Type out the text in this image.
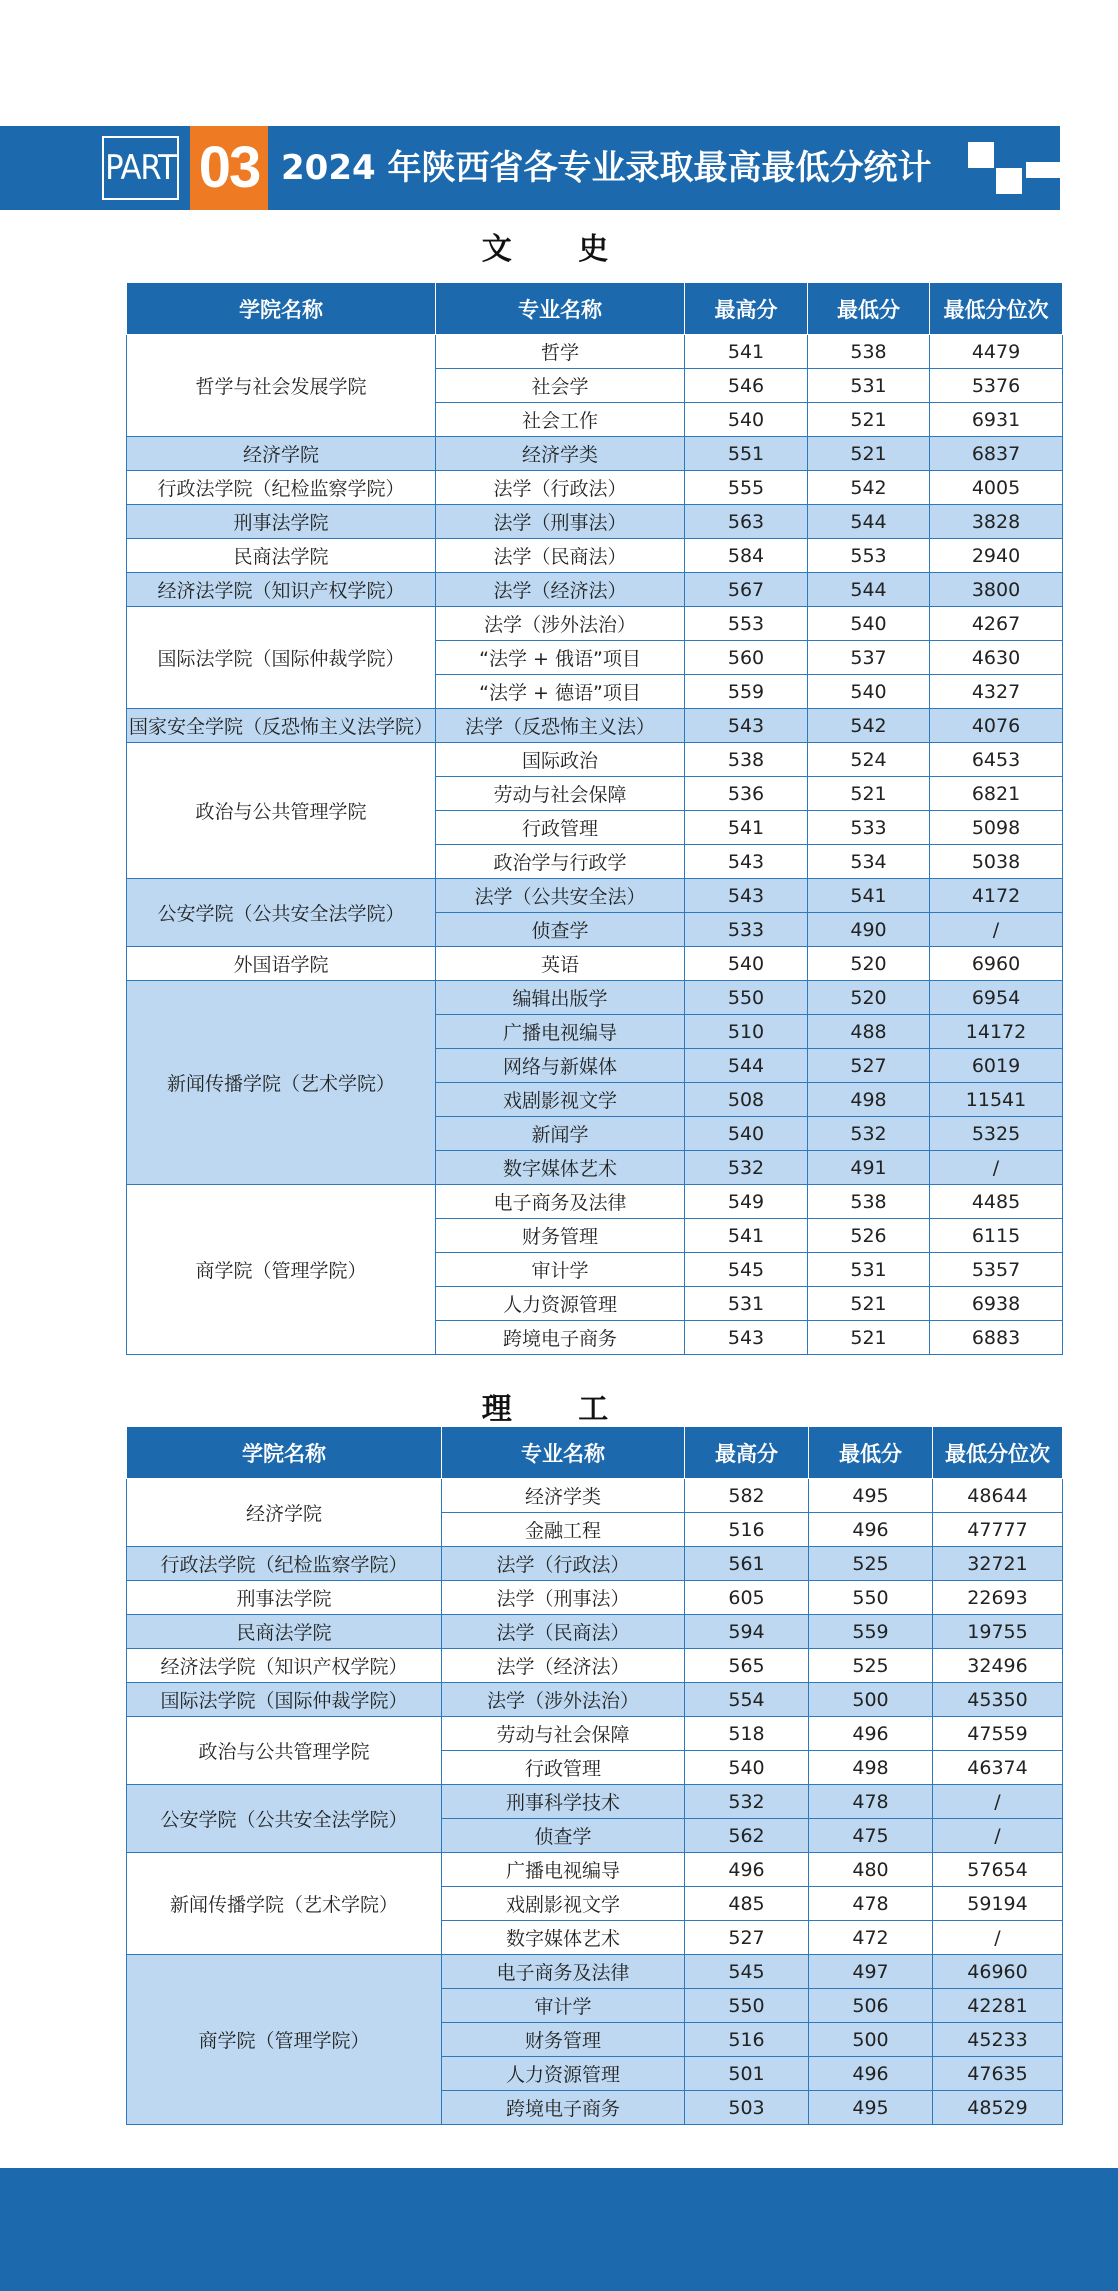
PART 03 2024 年陕西省各专业录取最高最低分统计
文 史
学院名称	专业名称	最高分	最低分	最低分位次
哲学与社会发展学院	哲学	541	538	4479
	社会学	546	531	5376
	社会工作	540	521	6931
经济学院	经济学类	551	521	6837
行政法学院（纪检监察学院）	法学（行政法）	555	542	4005
刑事法学院	法学（刑事法）	563	544	3828
民商法学院	法学（民商法）	584	553	2940
经济法学院（知识产权学院）	法学（经济法）	567	544	3800
国际法学院（国际仲裁学院）	法学（涉外法治）	553	540	4267
	“法学 + 俄语”项目	560	537	4630
	“法学 + 德语”项目	559	540	4327
国家安全学院（反恐怖主义法学院）	法学（反恐怖主义法）	543	542	4076
政治与公共管理学院	国际政治	538	524	6453
	劳动与社会保障	536	521	6821
	行政管理	541	533	5098
	政治学与行政学	543	534	5038
公安学院（公共安全法学院）	法学（公共安全法）	543	541	4172
	侦查学	533	490	/
外国语学院	英语	540	520	6960
新闻传播学院（艺术学院）	编辑出版学	550	520	6954
	广播电视编导	510	488	14172
	网络与新媒体	544	527	6019
	戏剧影视文学	508	498	11541
	新闻学	540	532	5325
	数字媒体艺术	532	491	/
商学院（管理学院）	电子商务及法律	549	538	4485
	财务管理	541	526	6115
	审计学	545	531	5357
	人力资源管理	531	521	6938
	跨境电子商务	543	521	6883
理 工
学院名称	专业名称	最高分	最低分	最低分位次
经济学院	经济学类	582	495	48644
	金融工程	516	496	47777
行政法学院（纪检监察学院）	法学（行政法）	561	525	32721
刑事法学院	法学（刑事法）	605	550	22693
民商法学院	法学（民商法）	594	559	19755
经济法学院（知识产权学院）	法学（经济法）	565	525	32496
国际法学院（国际仲裁学院）	法学（涉外法治）	554	500	45350
政治与公共管理学院	劳动与社会保障	518	496	47559
	行政管理	540	498	46374
公安学院（公共安全法学院）	刑事科学技术	532	478	/
	侦查学	562	475	/
新闻传播学院（艺术学院）	广播电视编导	496	480	57654
	戏剧影视文学	485	478	59194
	数字媒体艺术	527	472	/
商学院（管理学院）	电子商务及法律	545	497	46960
	审计学	550	506	42281
	财务管理	516	500	45233
	人力资源管理	501	496	47635
	跨境电子商务	503	495	48529
